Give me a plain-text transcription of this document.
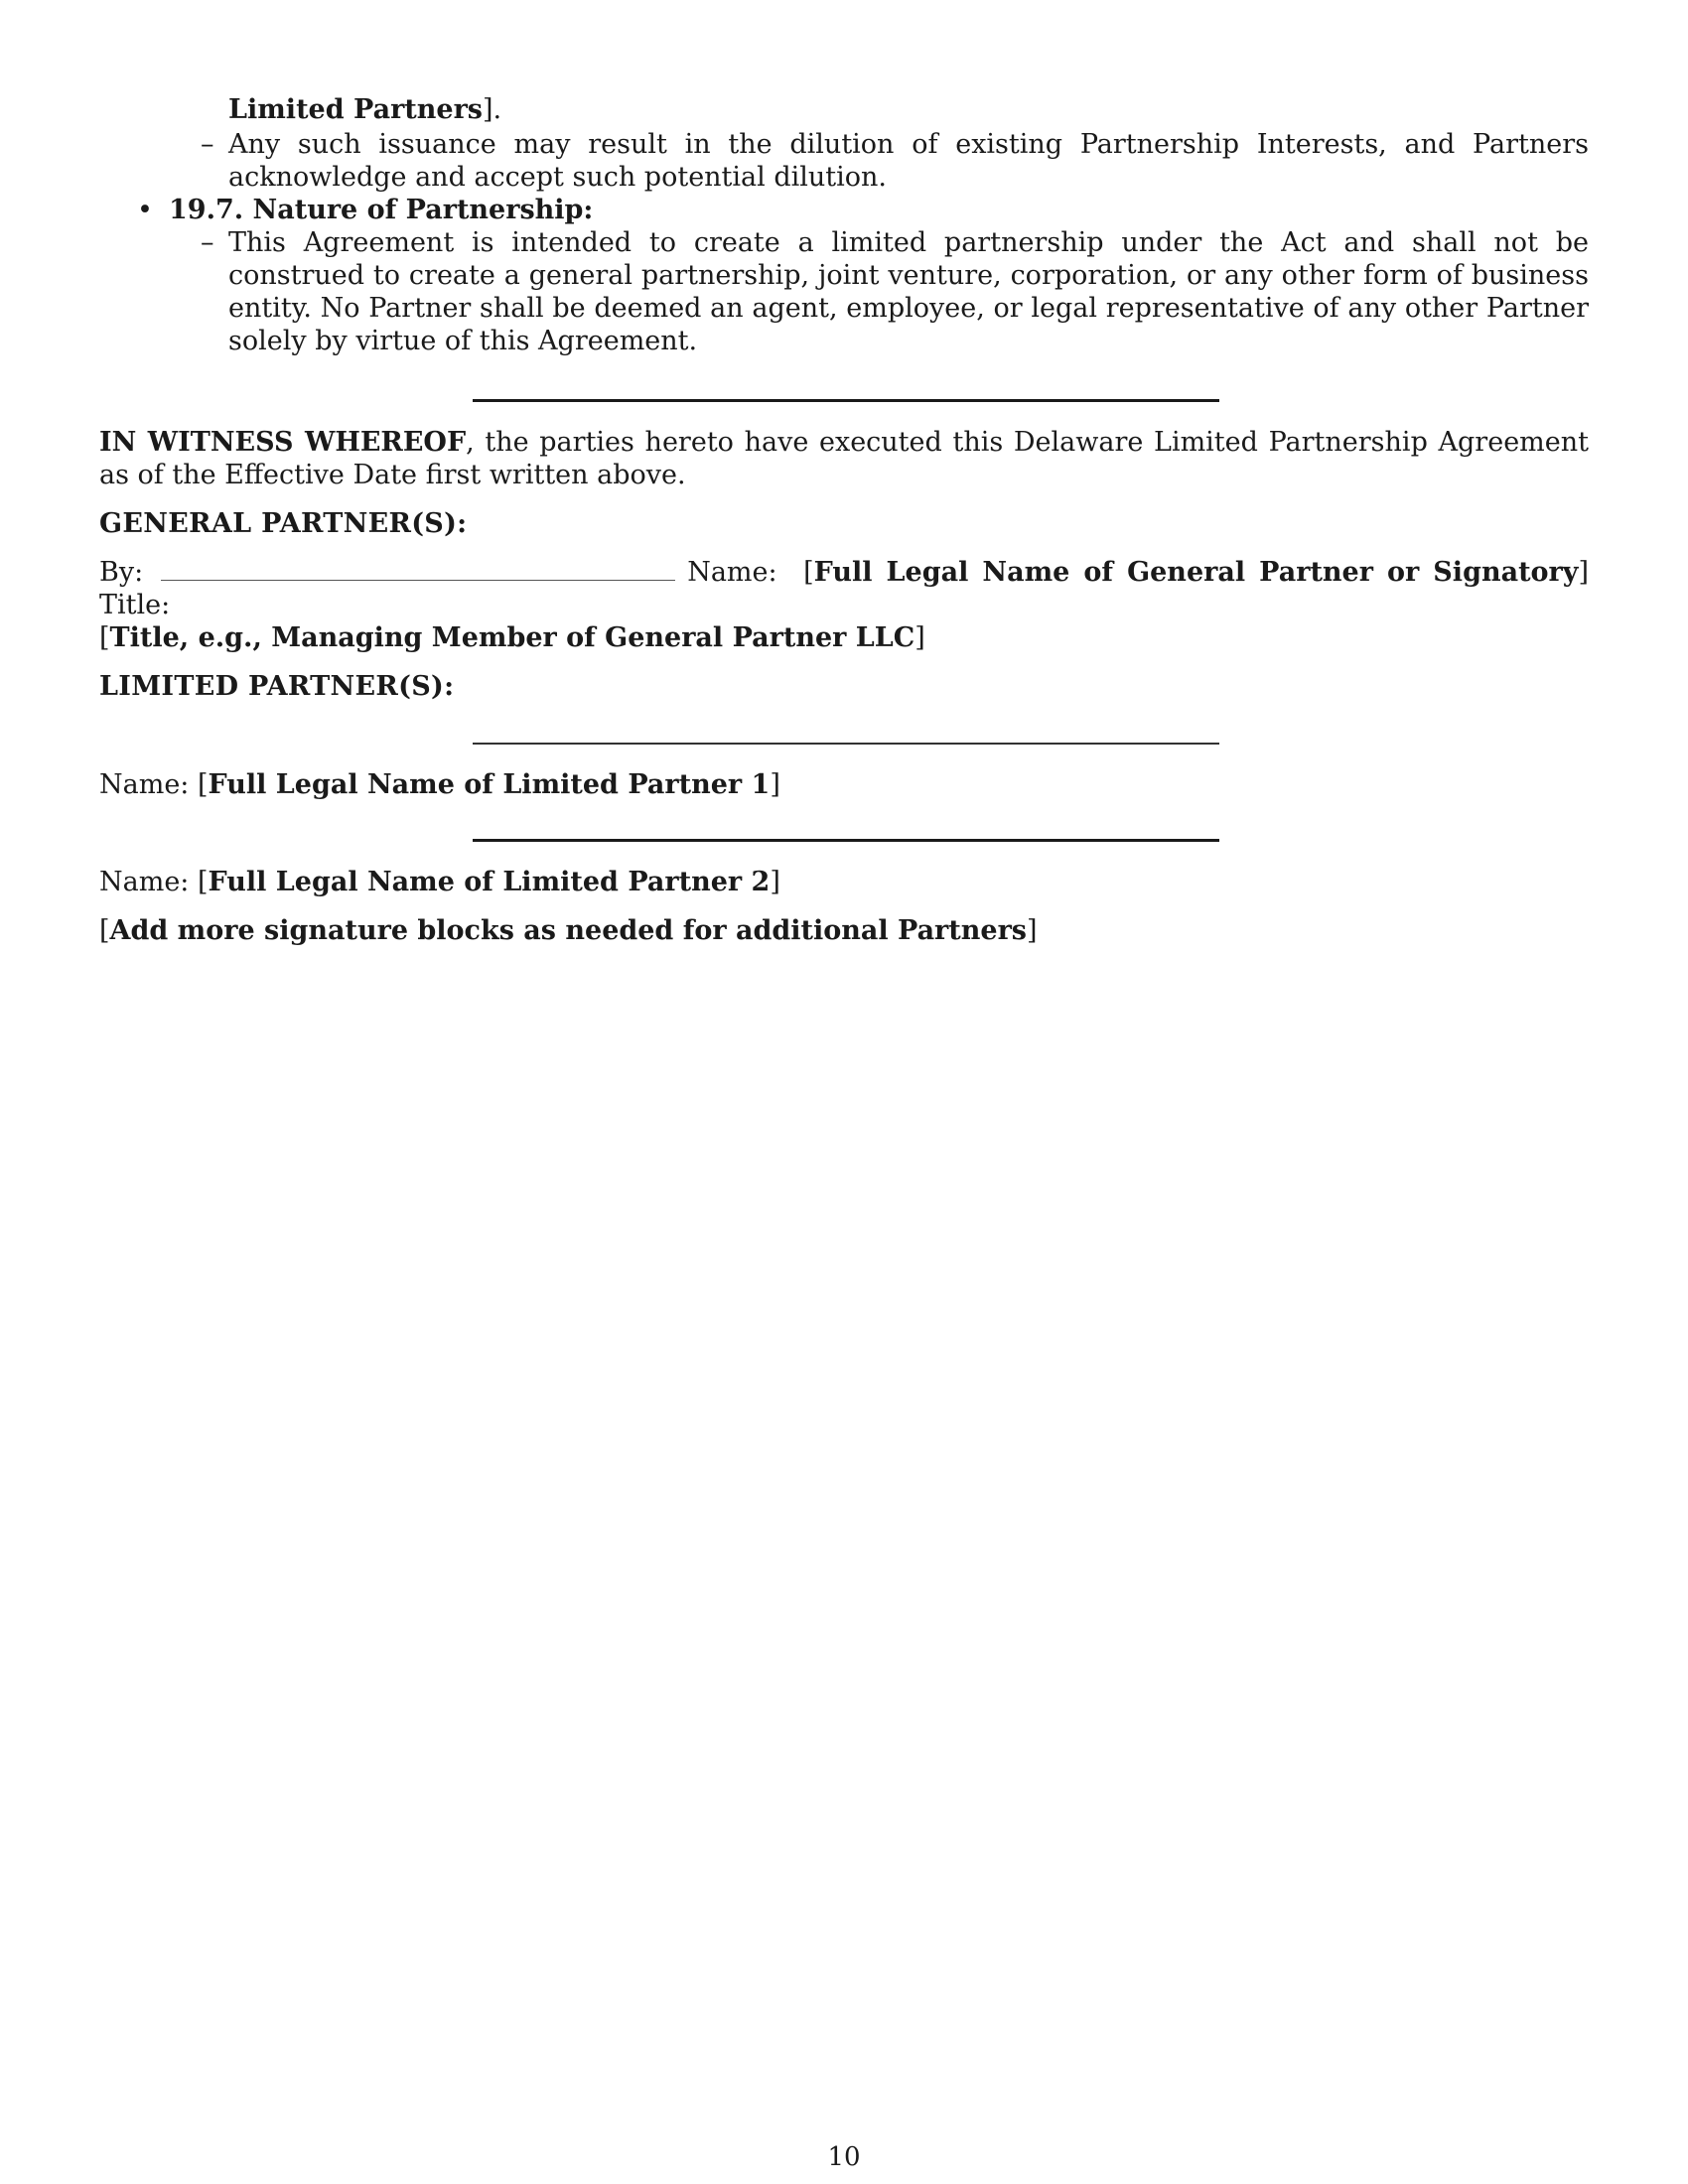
Limited Partners].
– Any such issuance may result in the dilution of existing Partnership Interests, and Partners acknowledge and accept such potential dilution.
• 19.7. Nature of Partnership:
– This Agreement is intended to create a limited partnership under the Act and shall not be construed to create a general partnership, joint venture, corporation, or any other form of business entity. No Partner shall be deemed an agent, employee, or legal representative of any other Partner solely by virtue of this Agreement.
IN WITNESS WHEREOF, the parties hereto have executed this Delaware Limited Partnership Agreement as of the Effective Date first written above.
GENERAL PARTNER(S):
By:	Name: [Full Legal Name of General Partner or Signatory] Title:
[Title, e.g., Managing Member of General Partner LLC]
LIMITED PARTNER(S):
Name: [Full Legal Name of Limited Partner 1]
Name: [Full Legal Name of Limited Partner 2]
[Add more signature blocks as needed for additional Partners]
10
